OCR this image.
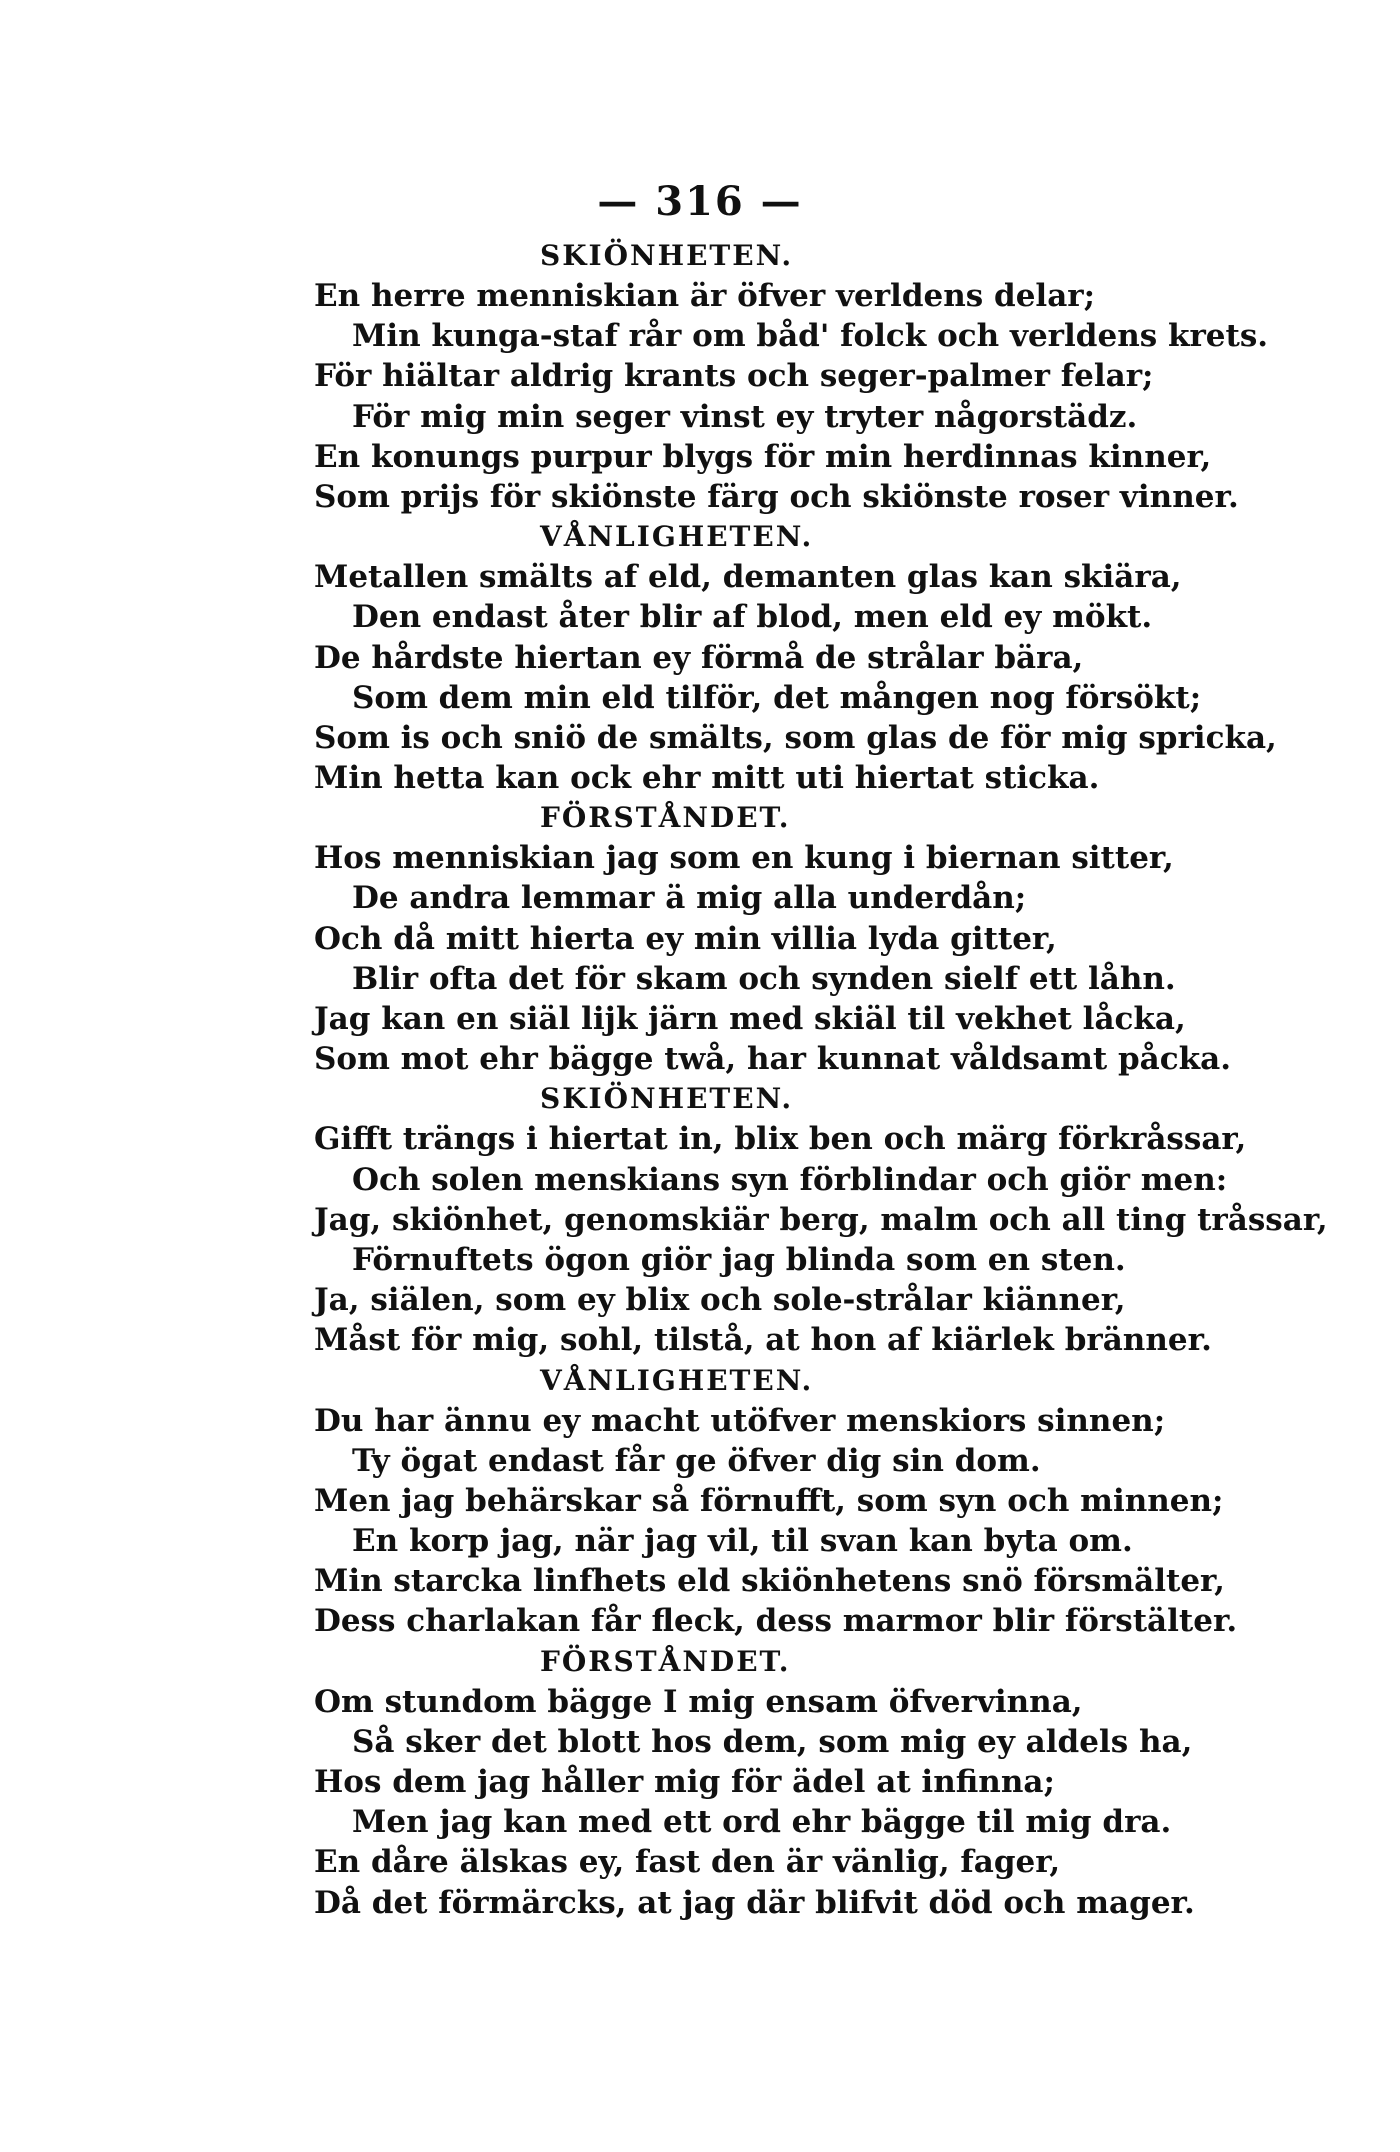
— 316 —
SKIÖNHETEN.
En herre menniskian är öfver verldens delar;
Min kunga-staf rår om båd' folck och verldens krets.
För hiältar aldrig krants och seger-palmer felar;
För mig min seger vinst ey tryter någorstädz.
En konungs purpur blygs för min herdinnas kinner,
Som prijs för skiönste färg och skiönste roser vinner.
VÅNLIGHETEN.
Metallen smälts af eld, demanten glas kan skiära,
Den endast åter blir af blod, men eld ey mökt.
De hårdste hiertan ey förmå de strålar bära,
Som dem min eld tilför, det mången nog försökt;
Som is och sniö de smälts, som glas de för mig spricka,
Min hetta kan ock ehr mitt uti hiertat sticka.
FÖRSTÅNDET.
Hos menniskian jag som en kung i biernan sitter,
De andra lemmar ä mig alla underdån;
Och då mitt hierta ey min villia lyda gitter,
Blir ofta det för skam och synden sielf ett låhn.
Jag kan en siäl lijk järn med skiäl til vekhet låcka,
Som mot ehr bägge twå, har kunnat våldsamt påcka.
SKIÖNHETEN.
Gifft trängs i hiertat in, blix ben och märg förkråssar,
Och solen menskians syn förblindar och giör men:
Jag, skiönhet, genomskiär berg, malm och all ting tråssar,
Förnuftets ögon giör jag blinda som en sten.
Ja, siälen, som ey blix och sole-strålar kiänner,
Måst för mig, sohl, tilstå, at hon af kiärlek bränner.
VÅNLIGHETEN.
Du har ännu ey macht utöfver menskiors sinnen;
Ty ögat endast får ge öfver dig sin dom.
Men jag behärskar så förnufft, som syn och minnen;
En korp jag, när jag vil, til svan kan byta om.
Min starcka linfhets eld skiönhetens snö försmälter,
Dess charlakan får fleck, dess marmor blir förstälter.
FÖRSTÅNDET.
Om stundom bägge I mig ensam öfvervinna,
Så sker det blott hos dem, som mig ey aldels ha,
Hos dem jag håller mig för ädel at infinna;
Men jag kan med ett ord ehr bägge til mig dra.
En dåre älskas ey, fast den är vänlig, fager,
Då det förmärcks, at jag där blifvit död och mager.
